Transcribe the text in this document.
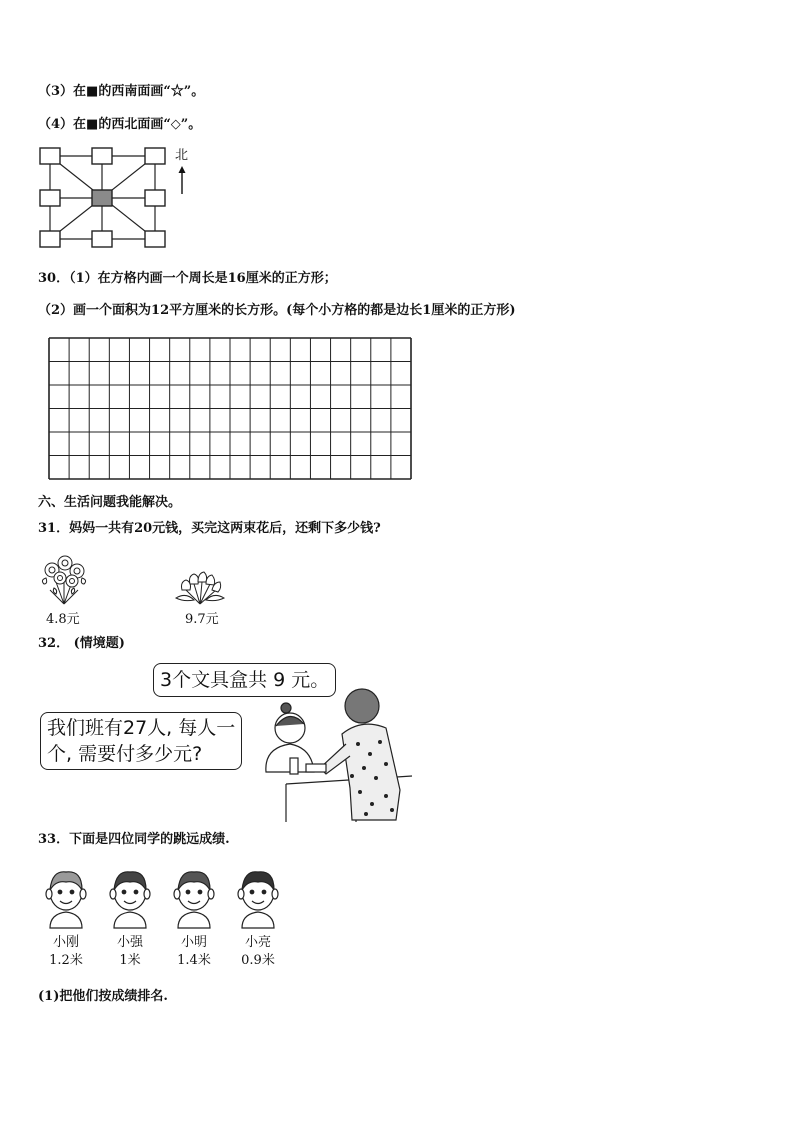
（3）在■的西南面画“☆”。
（4）在■的西北面画“◇”。
北
30．（1）在方格内画一个周长是16厘米的正方形；
（2）画一个面积为12平方厘米的长方形。(每个小方格的都是边长1厘米的正方形)
六、生活问题我能解决。
31．妈妈一共有20元钱，买完这两束花后，还剩下多少钱?
4.8元	9.7元
32． (情境题)
3个文具盒共 9 元。
我们班有27人, 每人一
个, 需要付多少元?
33．下面是四位同学的跳远成绩.
小刚
1.2米
小强
1米
小明
1.4米
小亮
0.9米
(1)把他们按成绩排名.
